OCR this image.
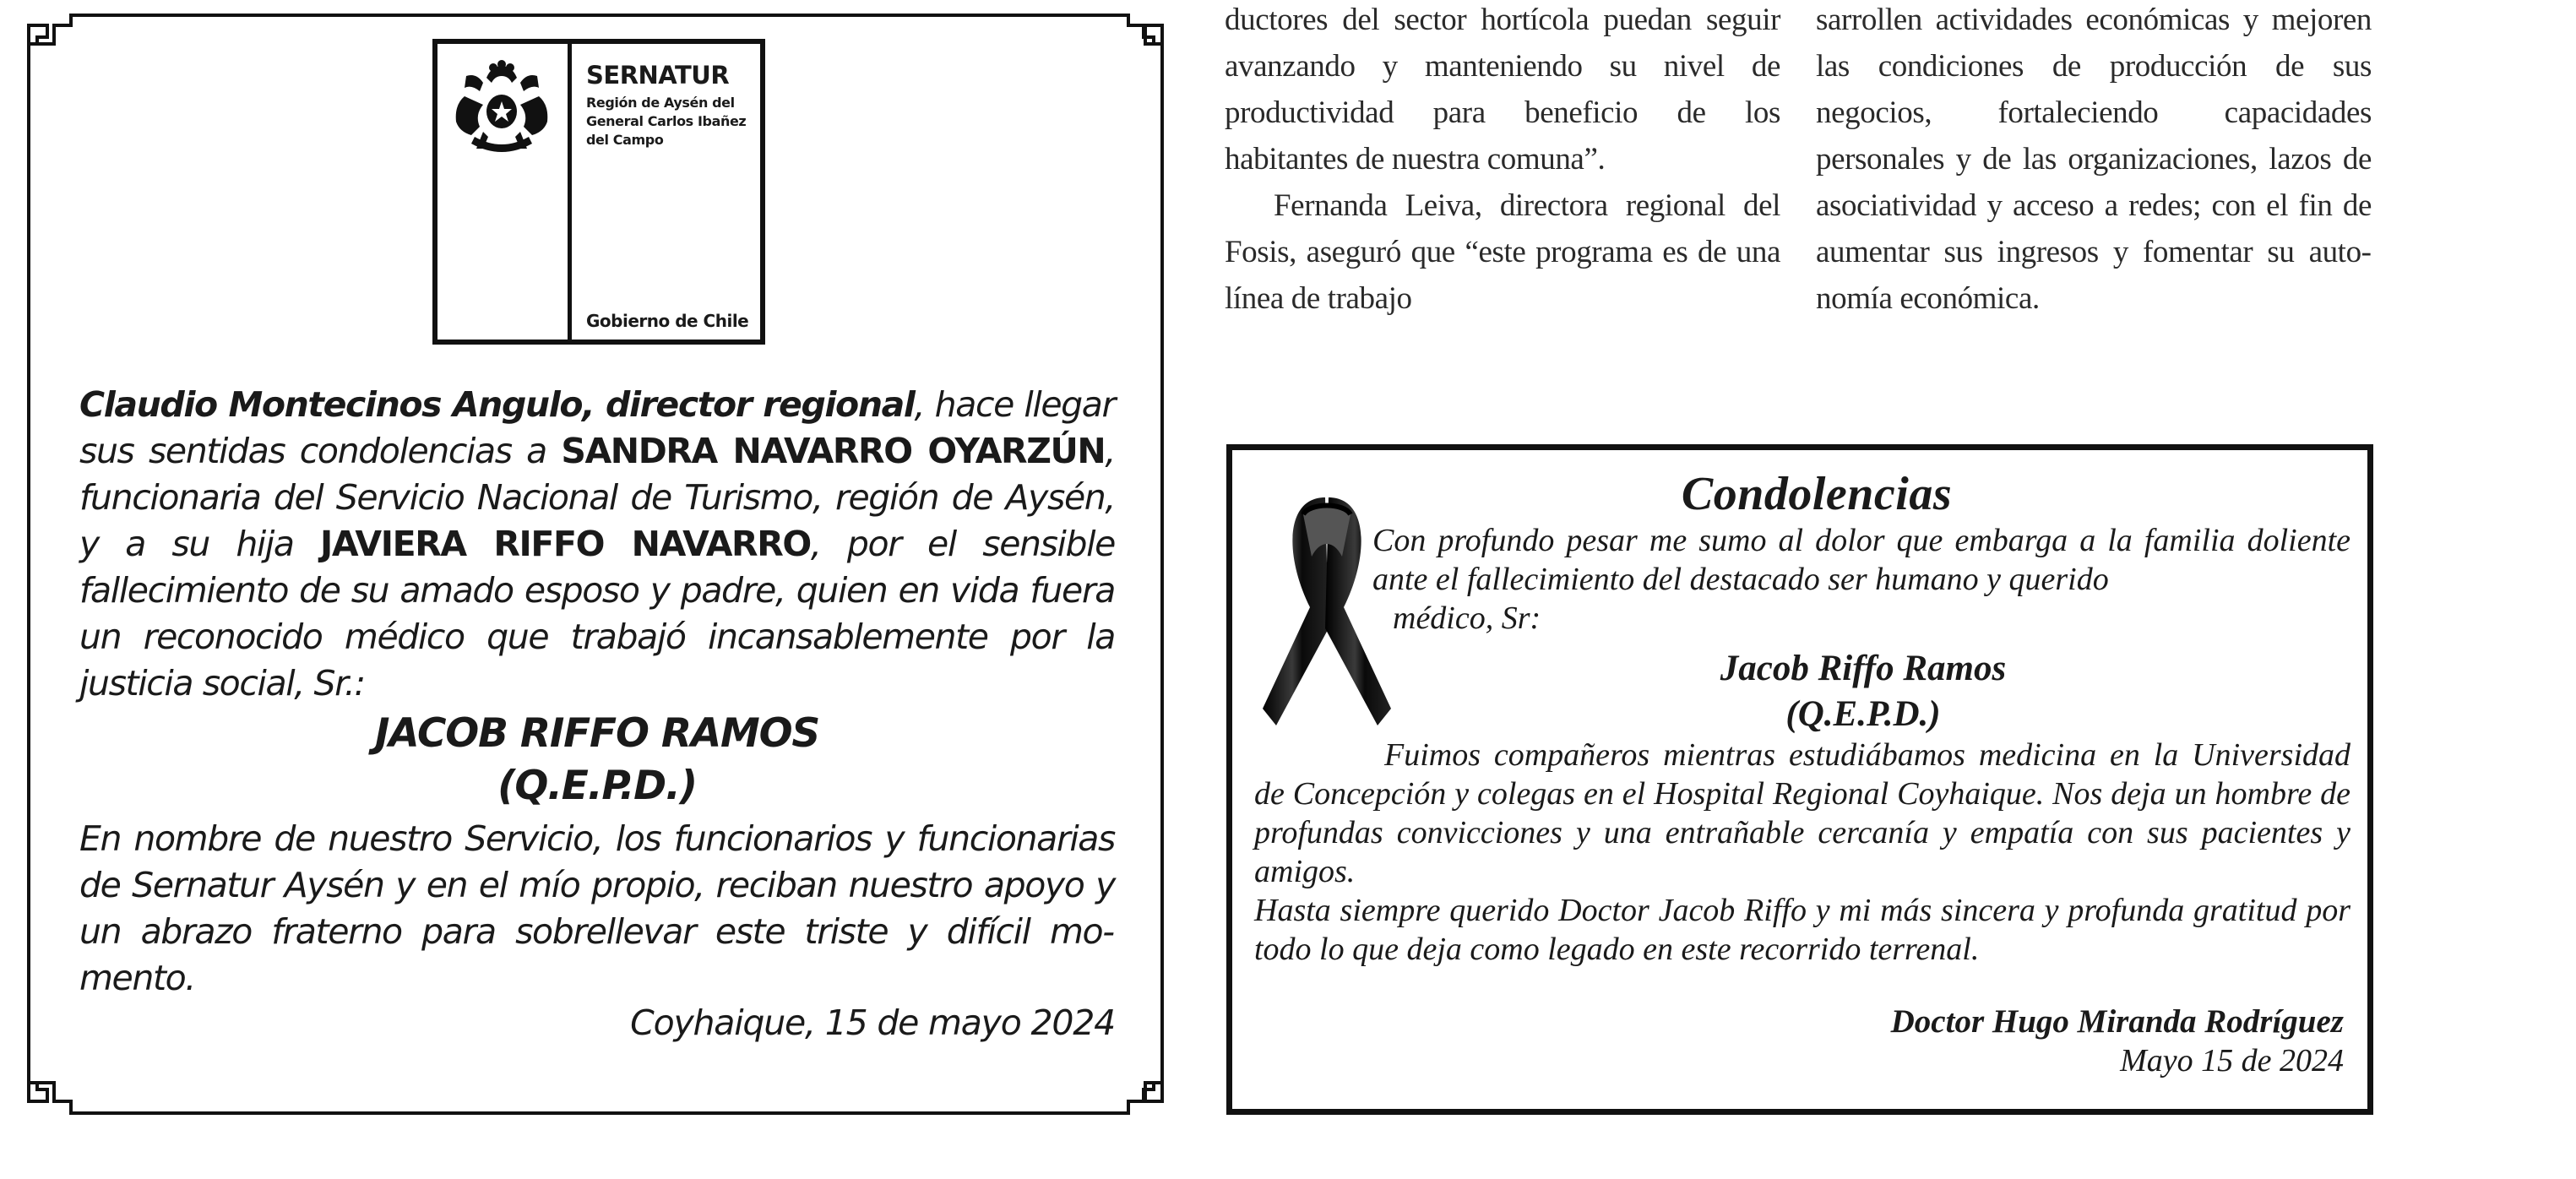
SERNATUR
Región de Aysén del
General Carlos Ibañez
del Campo
Gobierno de Chile

Claudio Montecinos Angulo, director regional, hace llegar sus sentidas condolencias a SANDRA NAVARRO OYARZÚN, funcionaria del Servicio Nacional de Turismo, región de Aysén, y a su hija JAVIERA RIFFO NAVARRO, por el sensible fallecimiento de su amado esposo y padre, quien en vida fuera un reconocido médico que trabajó incansablemente por la justicia social, Sr.:

JACOB RIFFO RAMOS
(Q.E.P.D.)

En nombre de nuestro Servicio, los funcionarios y funcionarias de Sernatur Aysén y en el mío propio, reciban nuestro apoyo y un abrazo fraterno para sobrellevar este triste y difícil momento.

Coyhaique, 15 de mayo 2024

ductores del sector hortícola puedan seguir avanzando y manteniendo su nivel de productividad para beneficio de los habitantes de nuestra comuna”.

Fernanda Leiva, directora regional del Fosis, aseguró que “este programa es de una línea de trabajo

sarrollen actividades económicas y mejoren las condiciones de producción de sus negocios, fortaleciendo capacidades personales y de las organizaciones, lazos de asociatividad y acceso a redes; con el fin de aumentar sus ingresos y fomentar su autonomía económica.

Condolencias

Con profundo pesar me sumo al dolor que embarga a la familia doliente ante el fallecimiento del destacado ser humano y querido
médico, Sr:

Jacob Riffo Ramos
(Q.E.P.D.)

Fuimos compañeros mientras estudiábamos medicina en la Universidad de Concepción y colegas en el Hospital Regional Coyhaique. Nos deja un hombre de profundas convicciones y una entrañable cercanía y empatía con sus pacientes y amigos.

Hasta siempre querido Doctor Jacob Riffo y mi más sincera y profunda gratitud por todo lo que deja como legado en este recorrido terrenal.

Doctor Hugo Miranda Rodríguez
Mayo 15 de 2024
